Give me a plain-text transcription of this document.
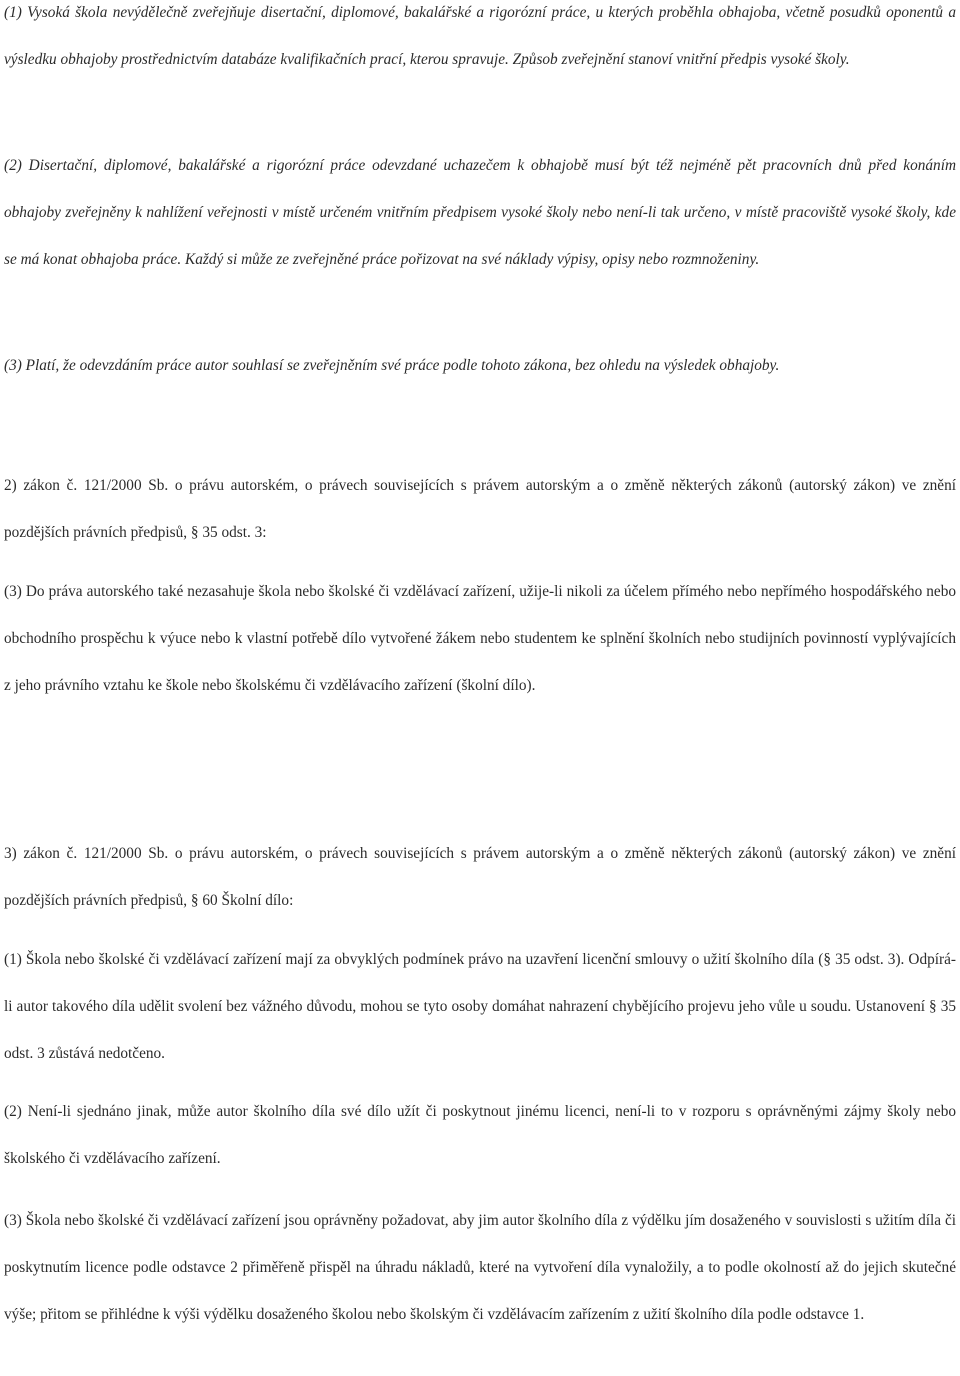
(1) Vysoká škola nevýdělečně zveřejňuje disertační, diplomové, bakalářské a rigorózní práce, u kterých proběhla obhajoba, včetně posudků oponentů a výsledku obhajoby prostřednictvím databáze kvalifikačních prací, kterou spravuje. Způsob zveřejnění stanoví vnitřní předpis vysoké školy.

(2) Disertační, diplomové, bakalářské a rigorózní práce odevzdané uchazečem k obhajobě musí být též nejméně pět pracovních dnů před konáním obhajoby zveřejněny k nahlížení veřejnosti v místě určeném vnitřním předpisem vysoké školy nebo není-li tak určeno, v místě pracoviště vysoké školy, kde se má konat obhajoba práce. Každý si může ze zveřejněné práce pořizovat na své náklady výpisy, opisy nebo rozmnoženiny.

(3) Platí, že odevzdáním práce autor souhlasí se zveřejněním své práce podle tohoto zákona, bez ohledu na výsledek obhajoby.

2) zákon č. 121/2000 Sb. o právu autorském, o právech souvisejících s právem autorským a o změně některých zákonů (autorský zákon) ve znění pozdějších právních předpisů, § 35 odst. 3:

(3) Do práva autorského také nezasahuje škola nebo školské či vzdělávací zařízení, užije-li nikoli za účelem přímého nebo nepřímého hospodářského nebo obchodního prospěchu k výuce nebo k vlastní potřebě dílo vytvořené žákem nebo studentem ke splnění školních nebo studijních povinností vyplývajících z jeho právního vztahu ke škole nebo školskému či vzdělávacího zařízení (školní dílo).

3) zákon č. 121/2000 Sb. o právu autorském, o právech souvisejících s právem autorským a o změně některých zákonů (autorský zákon) ve znění pozdějších právních předpisů, § 60 Školní dílo:

(1) Škola nebo školské či vzdělávací zařízení mají za obvyklých podmínek právo na uzavření licenční smlouvy o užití školního díla (§ 35 odst. 3). Odpírá-li autor takového díla udělit svolení bez vážného důvodu, mohou se tyto osoby domáhat nahrazení chybějícího projevu jeho vůle u soudu. Ustanovení § 35 odst. 3 zůstává nedotčeno.

(2) Není-li sjednáno jinak, může autor školního díla své dílo užít či poskytnout jinému licenci, není-li to v rozporu s oprávněnými zájmy školy nebo školského či vzdělávacího zařízení.

(3) Škola nebo školské či vzdělávací zařízení jsou oprávněny požadovat, aby jim autor školního díla z výdělku jím dosaženého v souvislosti s užitím díla či poskytnutím licence podle odstavce 2 přiměřeně přispěl na úhradu nákladů, které na vytvoření díla vynaložily, a to podle okolností až do jejich skutečné výše; přitom se přihlédne k výši výdělku dosaženého školou nebo školským či vzdělávacím zařízením z užití školního díla podle odstavce 1.
